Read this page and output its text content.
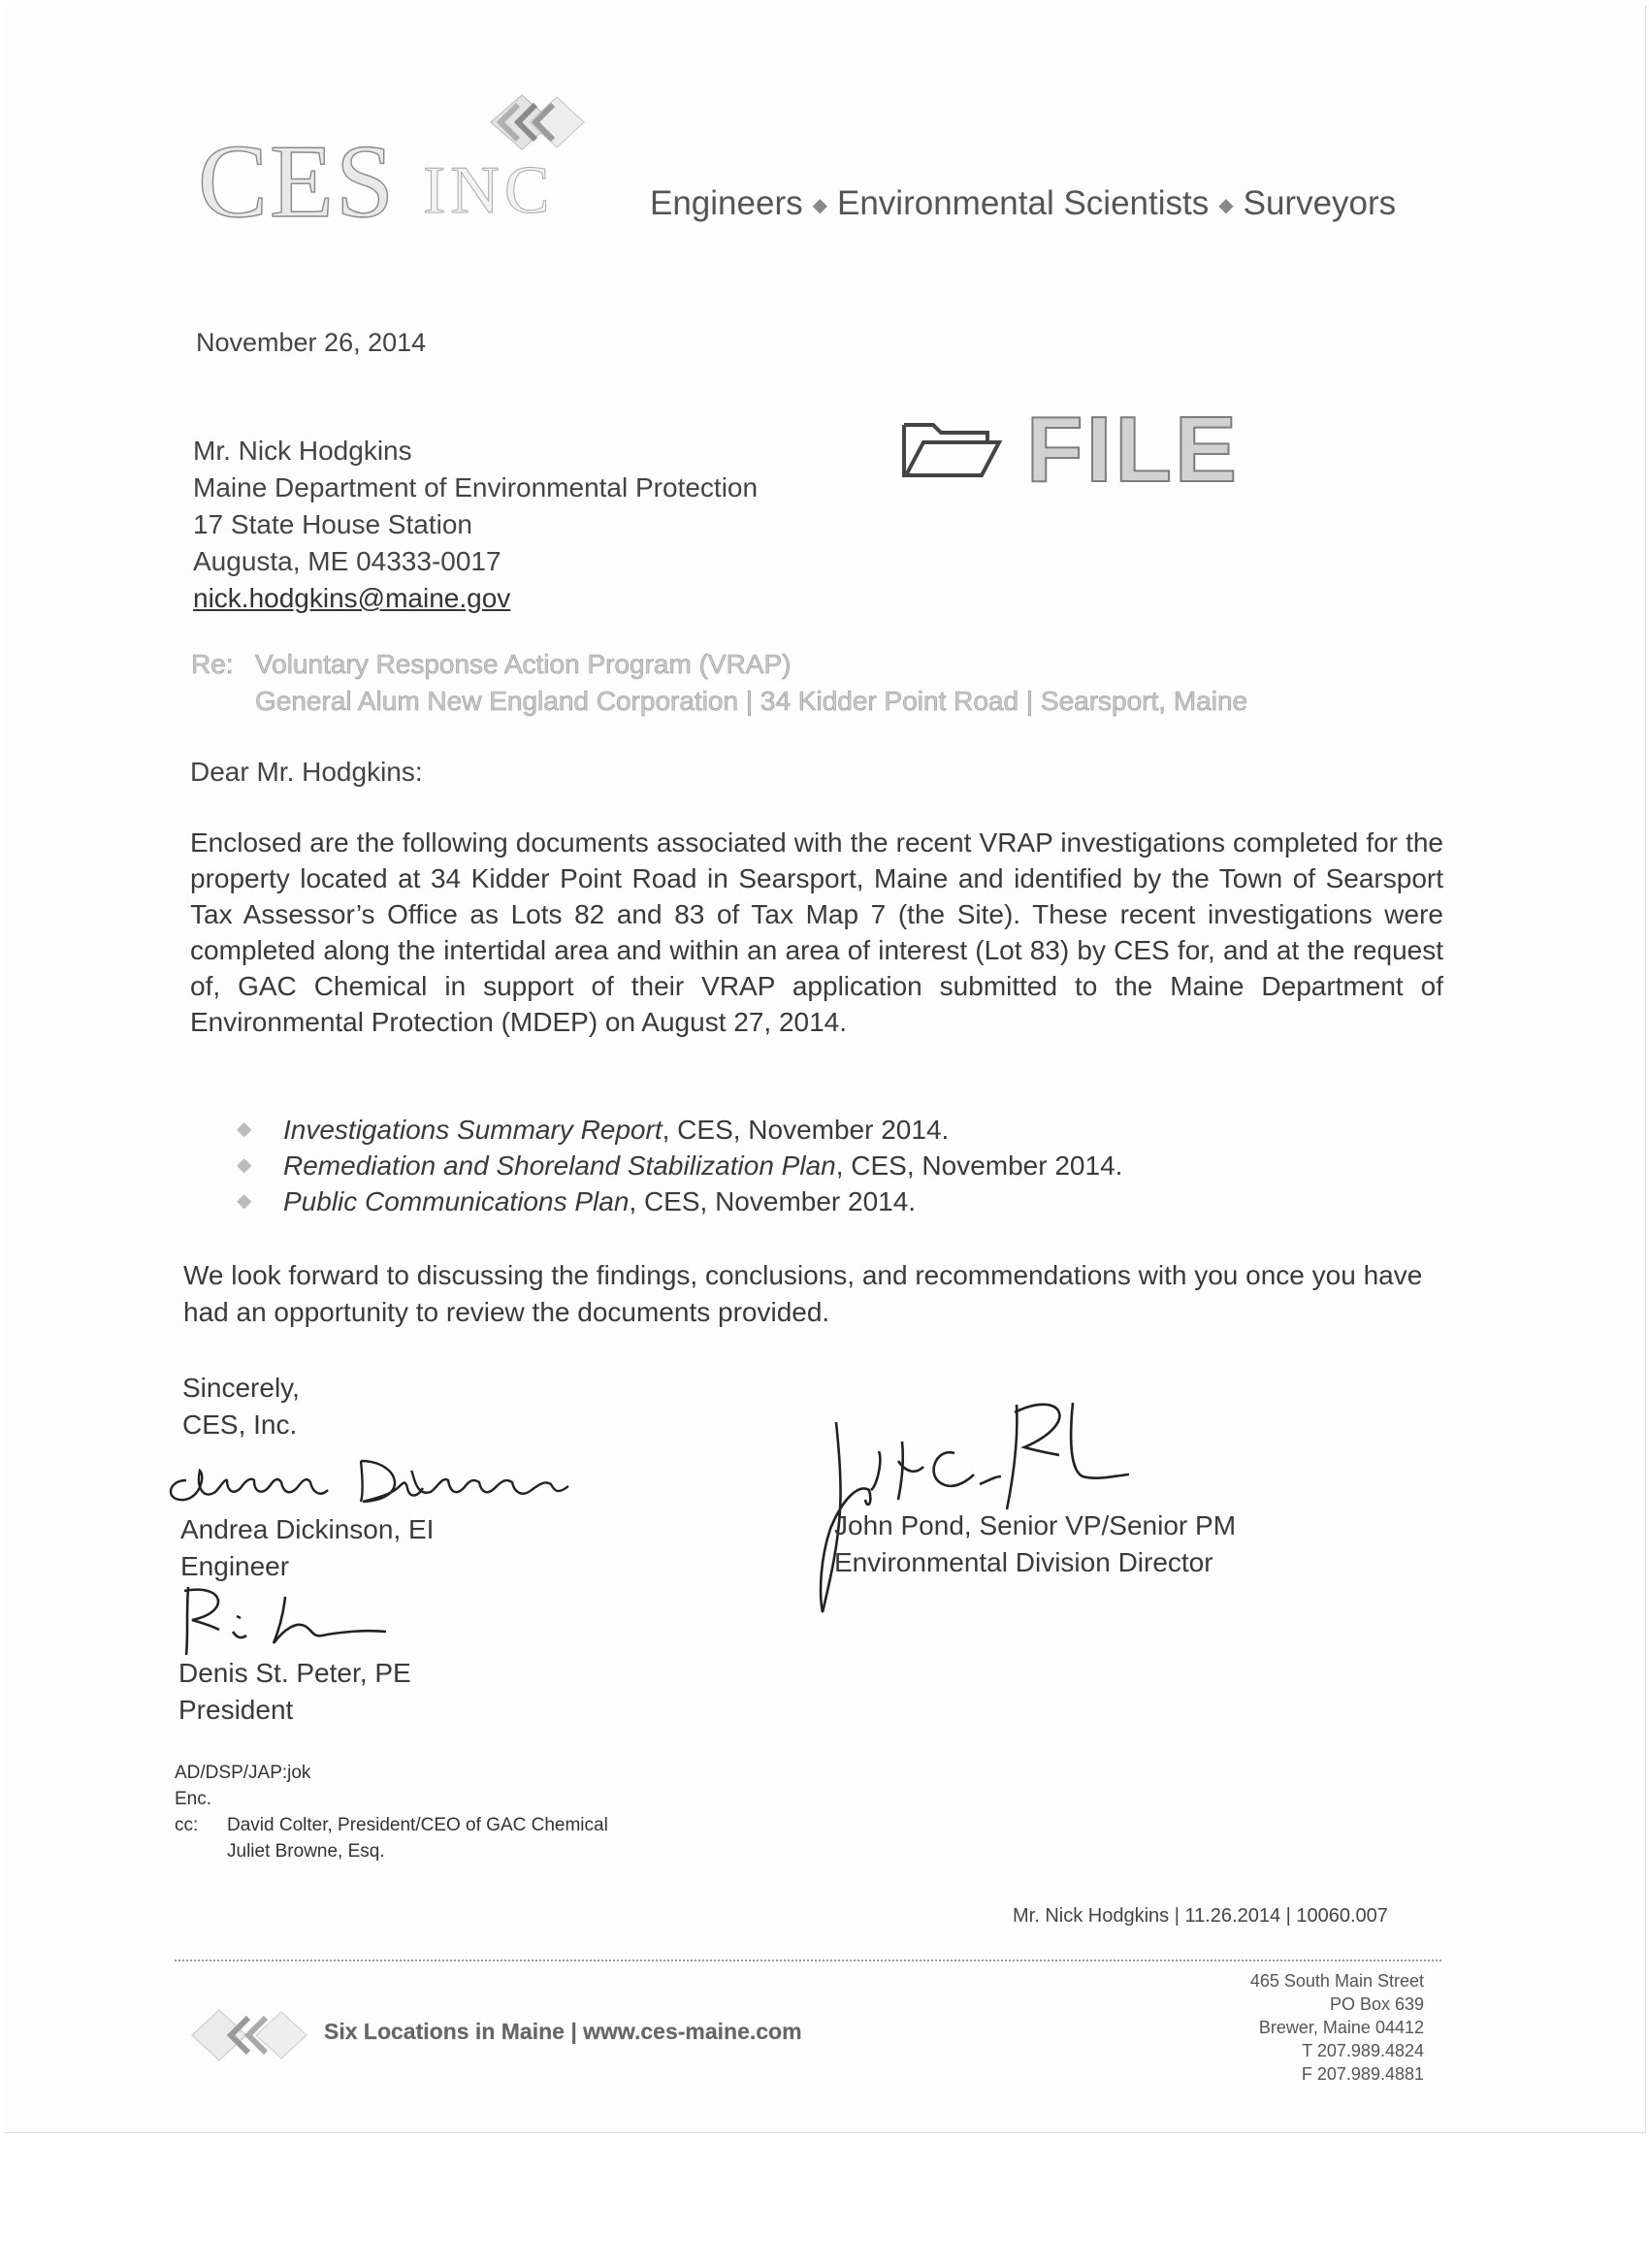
CES INC	Engineers ◆ Environmental Scientists ◆ Surveyors
November 26, 2014
Mr. Nick Hodgkins
Maine Department of Environmental Protection
17 State House Station
Augusta, ME 04333-0017
nick.hodgkins@maine.gov
FILE
Re: Voluntary Response Action Program (VRAP)
General Alum New England Corporation | 34 Kidder Point Road | Searsport, Maine
Dear Mr. Hodgkins:
Enclosed are the following documents associated with the recent VRAP investigations completed for the property located at 34 Kidder Point Road in Searsport, Maine and identified by the Town of Searsport Tax Assessor’s Office as Lots 82 and 83 of Tax Map 7 (the Site). These recent investigations were completed along the intertidal area and within an area of interest (Lot 83) by CES for, and at the request of, GAC Chemical in support of their VRAP application submitted to the Maine Department of Environmental Protection (MDEP) on August 27, 2014.
◆ Investigations Summary Report, CES, November 2014.
◆ Remediation and Shoreland Stabilization Plan, CES, November 2014.
◆ Public Communications Plan, CES, November 2014.
We look forward to discussing the findings, conclusions, and recommendations with you once you have had an opportunity to review the documents provided.
Sincerely,
CES, Inc.
Andrea Dickinson, EI
Engineer
Denis St. Peter, PE
President
John Pond, Senior VP/Senior PM
Environmental Division Director
AD/DSP/JAP:jok
Enc.
cc: David Colter, President/CEO of GAC Chemical
Juliet Browne, Esq.
Mr. Nick Hodgkins | 11.26.2014 | 10060.007
Six Locations in Maine | www.ces-maine.com
465 South Main Street
PO Box 639
Brewer, Maine 04412
T 207.989.4824
F 207.989.4881
